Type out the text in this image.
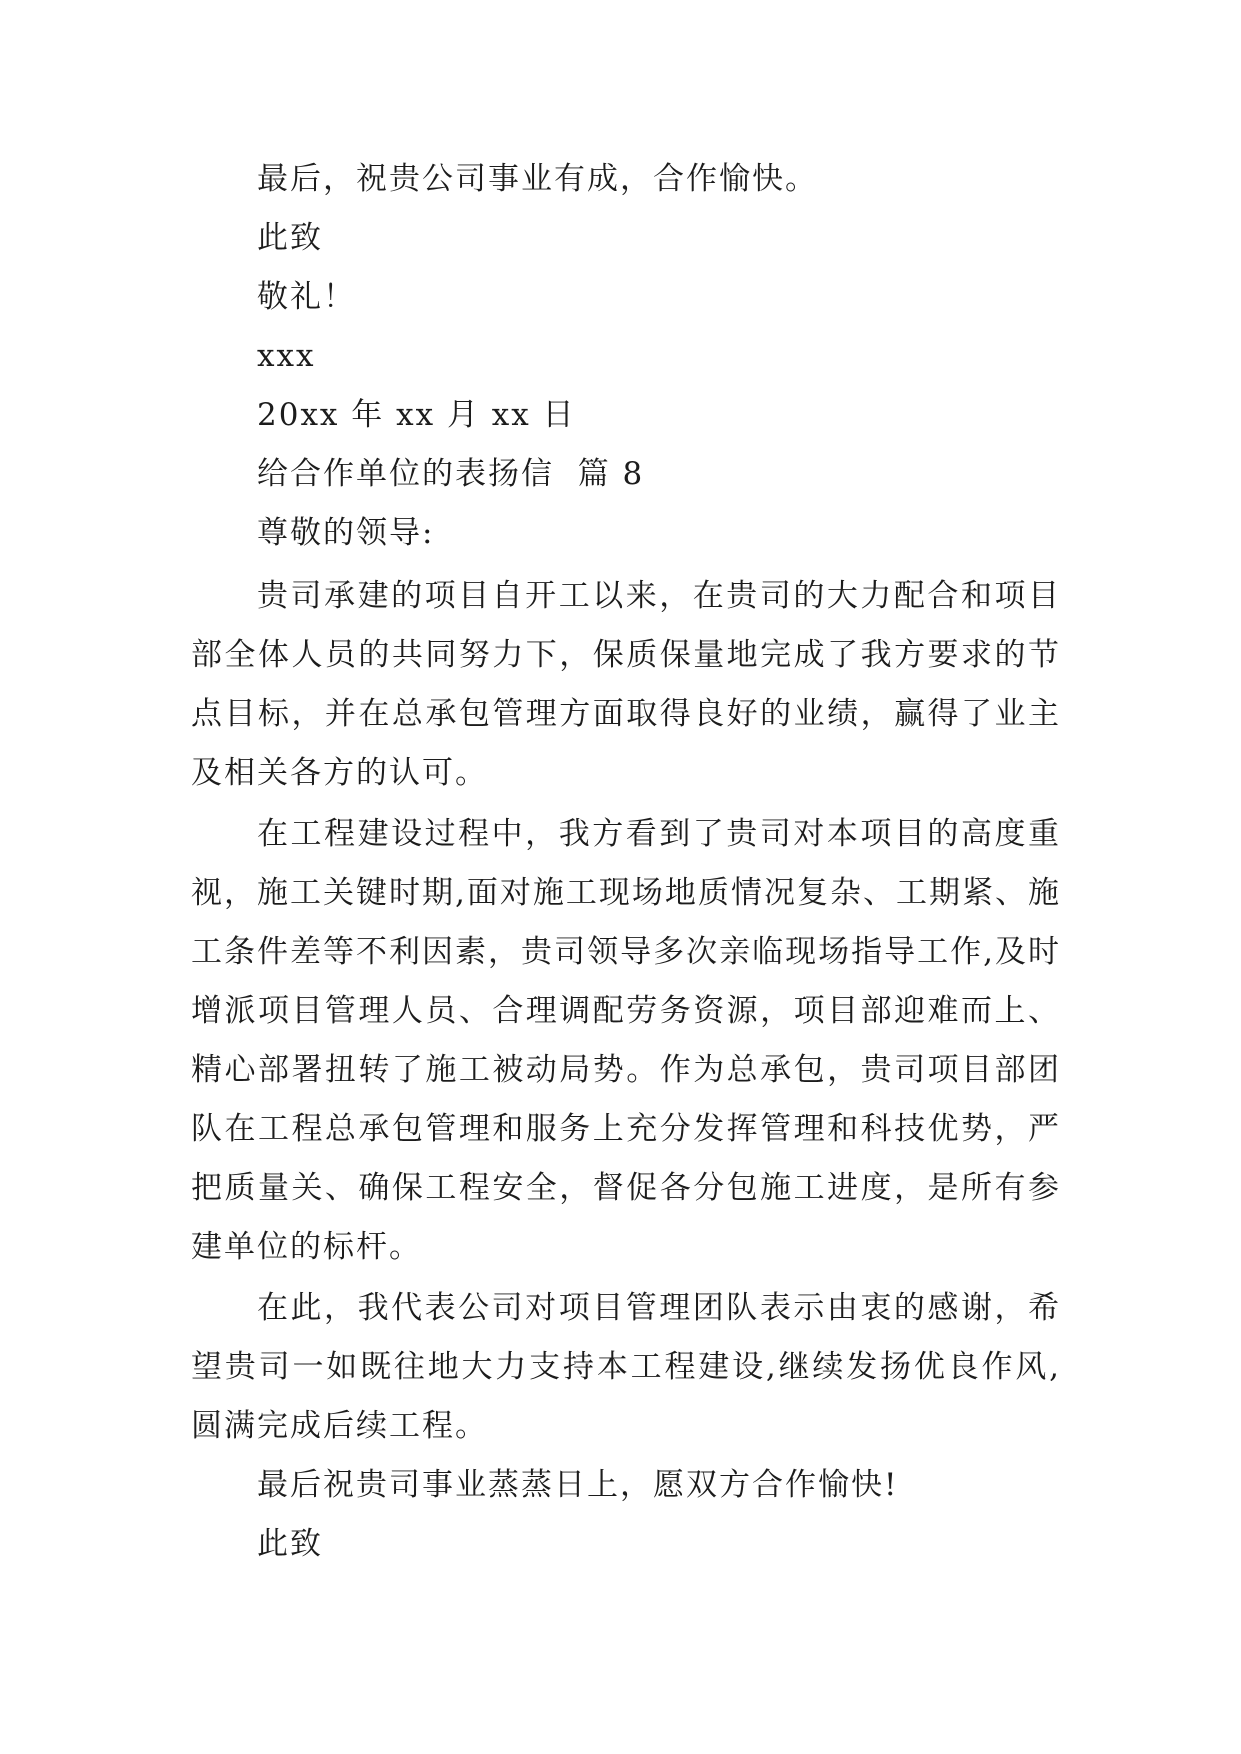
最后，祝贵公司事业有成，合作愉快。
此致
敬礼！
xxx
20xx 年 xx 月 xx 日
给合作单位的表扬信  篇 8
尊敬的领导:

贵司承建的项目自开工以来，在贵司的大力配合和项目部全体人员的共同努力下，保质保量地完成了我方要求的节点目标，并在总承包管理方面取得良好的业绩，赢得了业主及相关各方的认可。

在工程建设过程中，我方看到了贵司对本项目的高度重视，施工关键时期,面对施工现场地质情况复杂、工期紧、施工条件差等不利因素，贵司领导多次亲临现场指导工作,及时增派项目管理人员、合理调配劳务资源，项目部迎难而上、精心部署扭转了施工被动局势。作为总承包，贵司项目部团队在工程总承包管理和服务上充分发挥管理和科技优势，严把质量关、确保工程安全，督促各分包施工进度，是所有参建单位的标杆。

在此，我代表公司对项目管理团队表示由衷的感谢，希望贵司一如既往地大力支持本工程建设,继续发扬优良作风,圆满完成后续工程。

最后祝贵司事业蒸蒸日上，愿双方合作愉快!
此致
